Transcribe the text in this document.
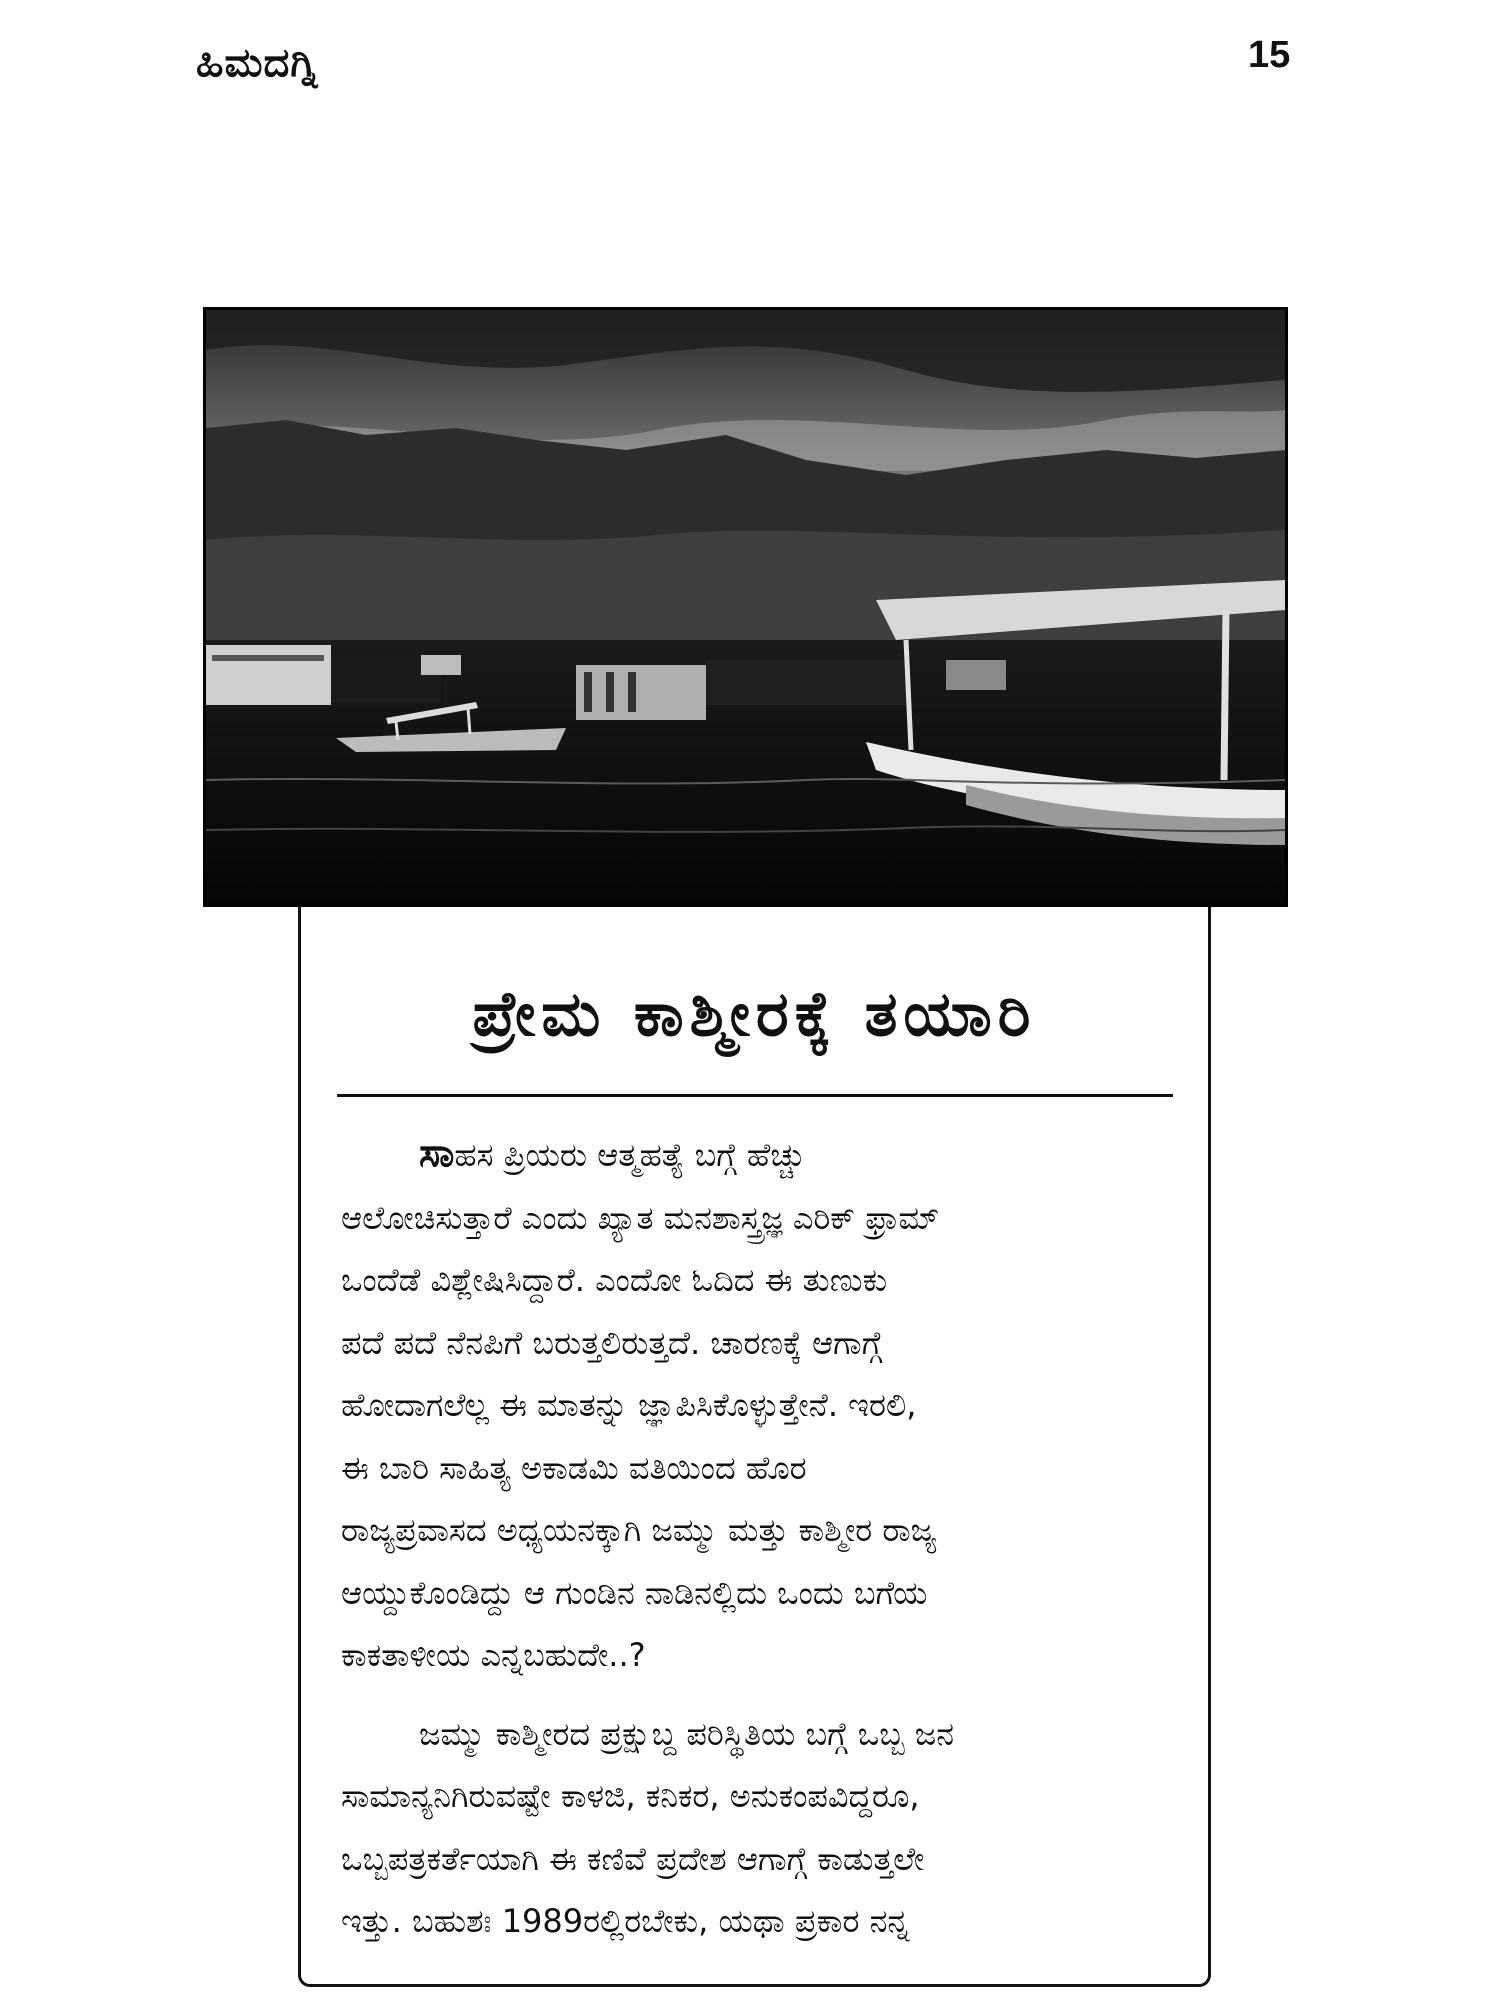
ಹಿಮದಗ್ನಿ	15
ಪ್ರೇಮ ಕಾಶ್ಮೀರಕ್ಕೆ ತಯಾರಿ

ಸಾಹಸ ಪ್ರಿಯರು ಆತ್ಮಹತ್ಯೆ ಬಗ್ಗೆ ಹೆಚ್ಚು
ಆಲೋಚಿಸುತ್ತಾರೆ ಎಂದು ಖ್ಯಾತ ಮನಶಾಸ್ತ್ರಜ್ಞ ಎರಿಕ್ ಫ್ರಾಮ್
ಒಂದೆಡೆ ವಿಶ್ಲೇಷಿಸಿದ್ದಾರೆ. ಎಂದೋ ಓದಿದ ಈ ತುಣುಕು
ಪದೆ ಪದೆ ನೆನಪಿಗೆ ಬರುತ್ತಲಿರುತ್ತದೆ. ಚಾರಣಕ್ಕೆ ಆಗಾಗ್ಗೆ
ಹೋದಾಗಲೆಲ್ಲ ಈ ಮಾತನ್ನು ಜ್ಞಾಪಿಸಿಕೊಳ್ಳುತ್ತೇನೆ. ಇರಲಿ,
ಈ ಬಾರಿ ಸಾಹಿತ್ಯ ಅಕಾಡಮಿ ವತಿಯಿಂದ ಹೊರ
ರಾಜ್ಯಪ್ರವಾಸದ ಅಧ್ಯಯನಕ್ಕಾಗಿ ಜಮ್ಮು ಮತ್ತು ಕಾಶ್ಮೀರ ರಾಜ್ಯ
ಆಯ್ದುಕೊಂಡಿದ್ದು ಆ ಗುಂಡಿನ ನಾಡಿನಲ್ಲಿದು ಒಂದು ಬಗೆಯ
ಕಾಕತಾಳೀಯ ಎನ್ನಬಹುದೇ..?

ಜಮ್ಮು ಕಾಶ್ಮೀರದ ಪ್ರಕ್ಷುಬ್ದ ಪರಿಸ್ಥಿತಿಯ ಬಗ್ಗೆ ಒಬ್ಬ ಜನ
ಸಾಮಾನ್ಯನಿಗಿರುವಷ್ಟೇ ಕಾಳಜಿ, ಕನಿಕರ, ಅನುಕಂಪವಿದ್ದರೂ,
ಒಬ್ಬಪತ್ರಕರ್ತೆಯಾಗಿ ಈ ಕಣಿವೆ ಪ್ರದೇಶ ಆಗಾಗ್ಗೆ ಕಾಡುತ್ತಲೇ
ಇತ್ತು. ಬಹುಶಃ 1989ರಲ್ಲಿರಬೇಕು, ಯಥಾ ಪ್ರಕಾರ ನನ್ನ
